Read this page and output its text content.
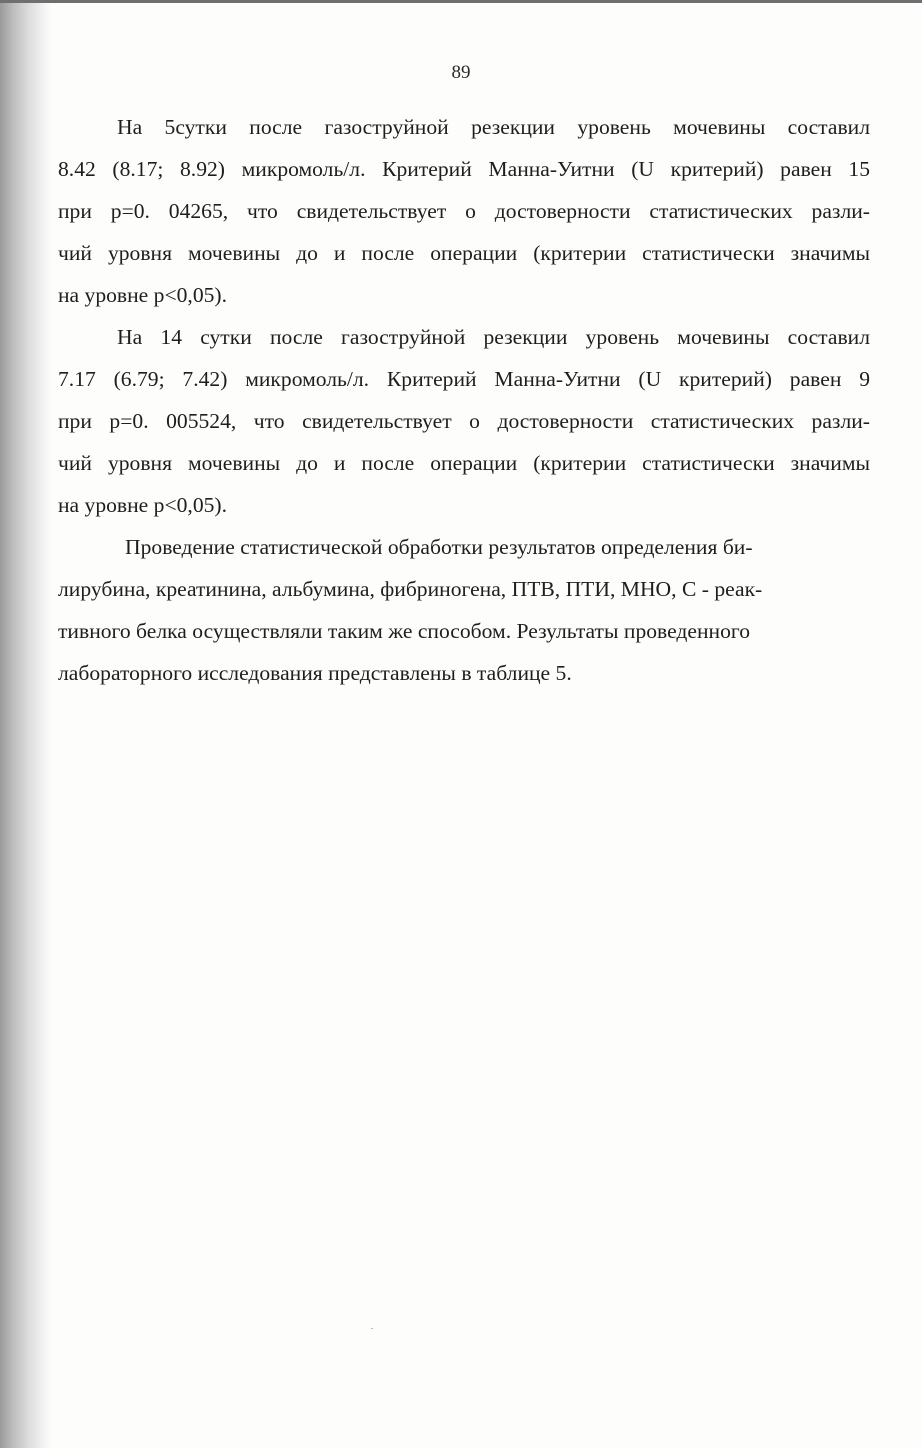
89

На 5сутки после газоструйной резекции уровень мочевины составил
8.42 (8.17; 8.92) микромоль/л. Критерий Манна-Уитни (U критерий) равен 15
при p=0. 04265, что свидетельствует о достоверности статистических разли-
чий уровня мочевины до и после операции (критерии статистически значимы
на уровне p<0,05).

На 14 сутки после газоструйной резекции уровень мочевины составил
7.17 (6.79; 7.42) микромоль/л. Критерий Манна-Уитни (U критерий) равен 9
при p=0. 005524, что свидетельствует о достоверности статистических разли-
чий уровня мочевины до и после операции (критерии статистически значимы
на уровне p<0,05).

Проведение статистической обработки результатов определения би-
лирубина, креатинина, альбумина, фибриногена, ПТВ, ПТИ, МНО, С - реак-
тивного белка осуществляли таким же способом. Результаты проведенного
лабораторного исследования представлены в таблице 5.
